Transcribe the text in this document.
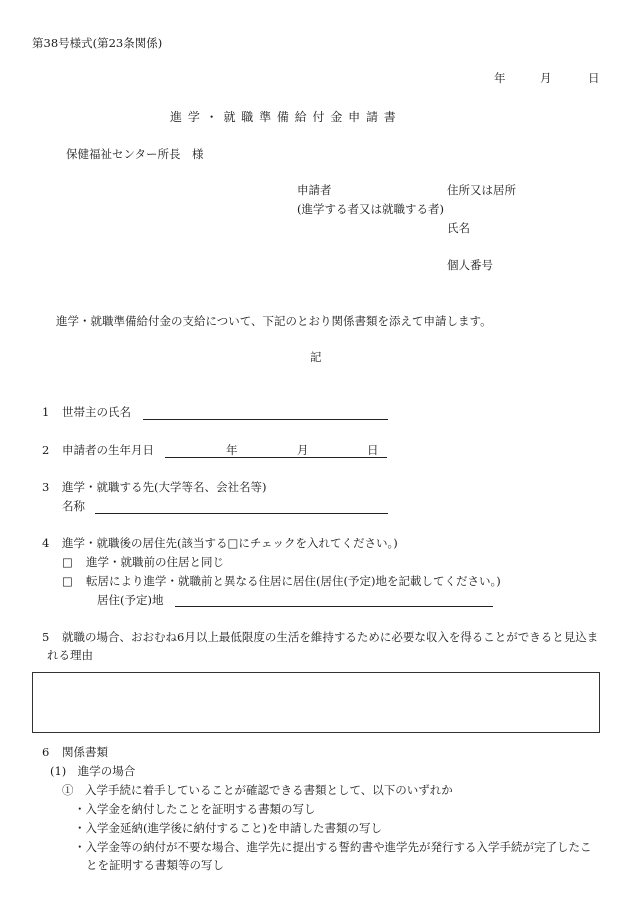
第38号様式(第23条関係)
年	月	日
進 学 ・ 就 職 準 備 給 付 金 申 請 書
保健福祉センター所長　様
申請者
(進学する者又は就職する者)
住所又は居所
氏名
個人番号
進学・就職準備給付金の支給について、下記のとおり関係書類を添えて申請します。
記
1 世帯主の氏名
2 申請者の生年月日	年	月	日
3 進学・就職する先(大学等名、会社名等)
名称
4 進学・就職後の居住先(該当する□にチェックを入れてください。)
□ 進学・就職前の住居と同じ
□ 転居により進学・就職前と異なる住居に居住(居住(予定)地を記載してください。)
居住(予定)地
5 就職の場合、おおむね6月以上最低限度の生活を維持するために必要な収入を得ることができると見込ま
れる理由
6 関係書類
(1)　進学の場合
①　入学手続に着手していることが確認できる書類として、以下のいずれか
・入学金を納付したことを証明する書類の写し
・入学金延納(進学後に納付すること)を申請した書類の写し
・入学金等の納付が不要な場合、進学先に提出する誓約書や進学先が発行する入学手続が完了したこ
とを証明する書類等の写し
